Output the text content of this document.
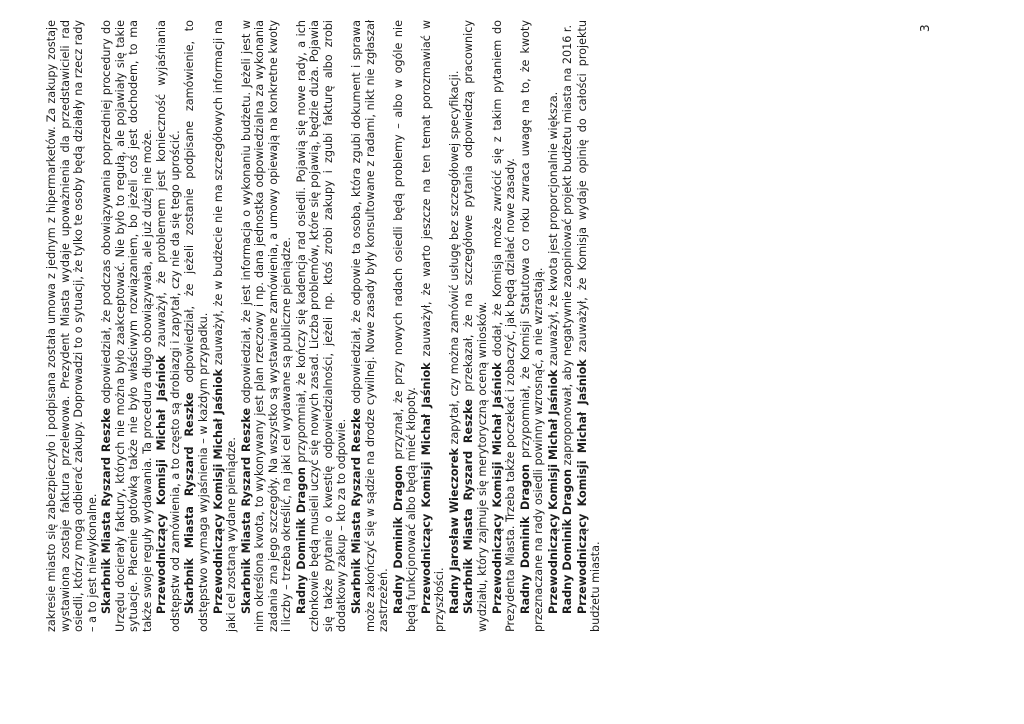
zakresie miasto się zabezpieczyło i podpisana została umowa z jednym z hipermarketów. Za zakupy zostaje wystawiona zostaje faktura przelewowa. Prezydent Miasta wydaje upoważnienia dla przedstawicieli rad osiedli, którzy mogą odbierać zakupy. Doprowadzi to o sytuacji, że tylko te osoby będą działały na rzecz rady – a to jest niewykonalne. Skarbnik Miasta Ryszard Reszke odpowiedział, że podczas obowiązywania poprzedniej procedury do Urzędu docierały faktury, których nie można było zaakceptować. Nie było to regułą, ale pojawiały się takie sytuacje. Płacenie gotówką także nie było właściwym rozwiązaniem, bo jeżeli coś jest dochodem, to ma także swoje reguły wydawania. Ta procedura długo obowiązywała, ale już dużej nie może. Przewodniczący Komisji Michał Jaśniok zauważył, że problemem jest konieczność wyjaśniania odstępstw od zamówienia, a to często są drobiazgi i zapytał, czy nie da się tego uprościć. Skarbnik Miasta Ryszard Reszke odpowiedział, że jeżeli zostanie podpisane zamówienie, to odstępstwo wymaga wyjaśnienia – w każdym przypadku. Przewodniczący Komisji Michał Jaśniok zauważył, że w budżecie nie ma szczegółowych informacji na jaki cel zostaną wydane pieniądze. Skarbnik Miasta Ryszard Reszke odpowiedział, że jest informacja o wykonaniu budżetu. Jeżeli jest w nim określona kwota, to wykonywany jest plan rzeczowy i np. dana jednostka odpowiedzialna za wykonania zadania zna jego szczegóły. Na wszystko są wystawiane zamówienia, a umowy opiewają na konkretne kwoty i liczby – trzeba określić, na jaki cel wydawane są publiczne pieniądze. Radny Dominik Dragon przypomniał, że kończy się kadencja rad osiedli. Pojawią się nowe rady, a ich członkowie będą musieli uczyć się nowych zasad. Liczba problemów, które się pojawią, będzie duża. Pojawia się także pytanie o kwestię odpowiedzialności, jeżeli np. ktoś zrobi zakupy i zgubi fakturę albo zrobi dodatkowy zakup – kto za to odpowie. Skarbnik Miasta Ryszard Reszke odpowiedział, że odpowie ta osoba, która zgubi dokument i sprawa może zakończyć się w sądzie na drodze cywilnej. Nowe zasady były konsultowane z radami, nikt nie zgłaszał zastrzeżeń. Radny Dominik Dragon przyznał, że przy nowych radach osiedli będą problemy – albo w ogóle nie będą funkcjonować albo będą mieć kłopoty. Przewodniczący Komisji Michał Jaśniok zauważył, że warto jeszcze na ten temat porozmawiać w przyszłości. Radny Jarosław Wieczorek zapytał, czy można zamówić usługę bez szczegółowej specyfikacji.

Skarbnik Miasta Ryszard Reszke przekazał, że na szczegółowe pytania odpowiedzą pracownicy wydziału, który zajmuje się merytoryczną oceną wniosków. Przewodniczący Komisji Michał Jaśniok dodał, że Komisja może zwrócić się z takim pytaniem do Prezydenta Miasta. Trzeba także poczekać i zobaczyć, jak będą działać nowe zasady. Radny Dominik Dragon przypomniał, że Komisji Statutowa co roku zwraca uwagę na to, że kwoty przeznaczane na rady osiedli powinny wzrosnąć, a nie wzrastają. Przewodniczący Komisji Michał Jaśniok zauważył, że kwota jest proporcjonalnie większa.

Radny Dominik Dragon zaproponował, aby negatywnie zaopiniować projekt budżetu miasta na 2016 r.

Przewodniczący Komisji Michał Jaśniok zauważył, że Komisja wydaje opinię do całości projektu budżetu miasta.

3
